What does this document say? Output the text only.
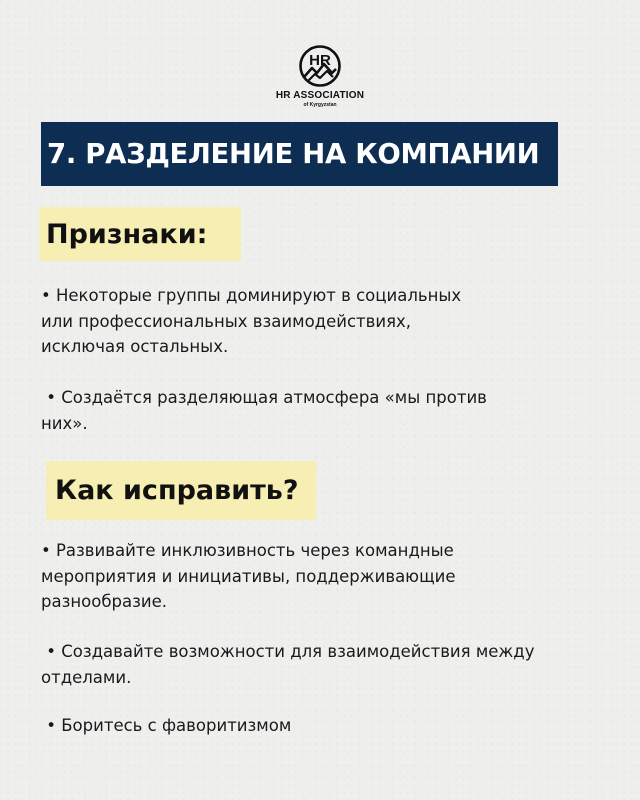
HR
HR ASSOCIATION
of Kyrgyzstan
7. РАЗДЕЛЕНИЕ НА КОМПАНИИ
Признаки:
• Некоторые группы доминируют в социальных
или профессиональных взаимодействиях,
исключая остальных.
• Создаётся разделяющая атмосфера «мы против
них».
Как исправить?
• Развивайте инклюзивность через командные
мероприятия и инициативы, поддерживающие
разнообразие.
• Создавайте возможности для взаимодействия между
отделами.
• Боритесь с фаворитизмом
